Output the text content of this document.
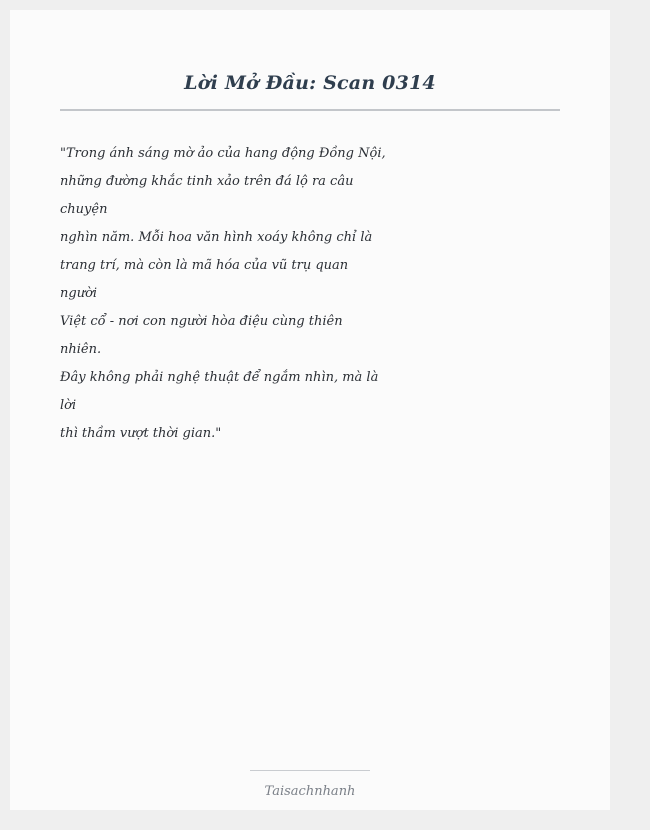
Lời Mở Đầu: Scan 0314
"Trong ánh sáng mờ ảo của hang động Đồng Nội,
những đường khắc tinh xảo trên đá lộ ra câu
chuyện
nghìn năm. Mỗi hoa văn hình xoáy không chỉ là
trang trí, mà còn là mã hóa của vũ trụ quan
người
Việt cổ - nơi con người hòa điệu cùng thiên
nhiên.
Đây không phải nghệ thuật để ngắm nhìn, mà là
lời
thì thầm vượt thời gian."
Taisachnhanh
